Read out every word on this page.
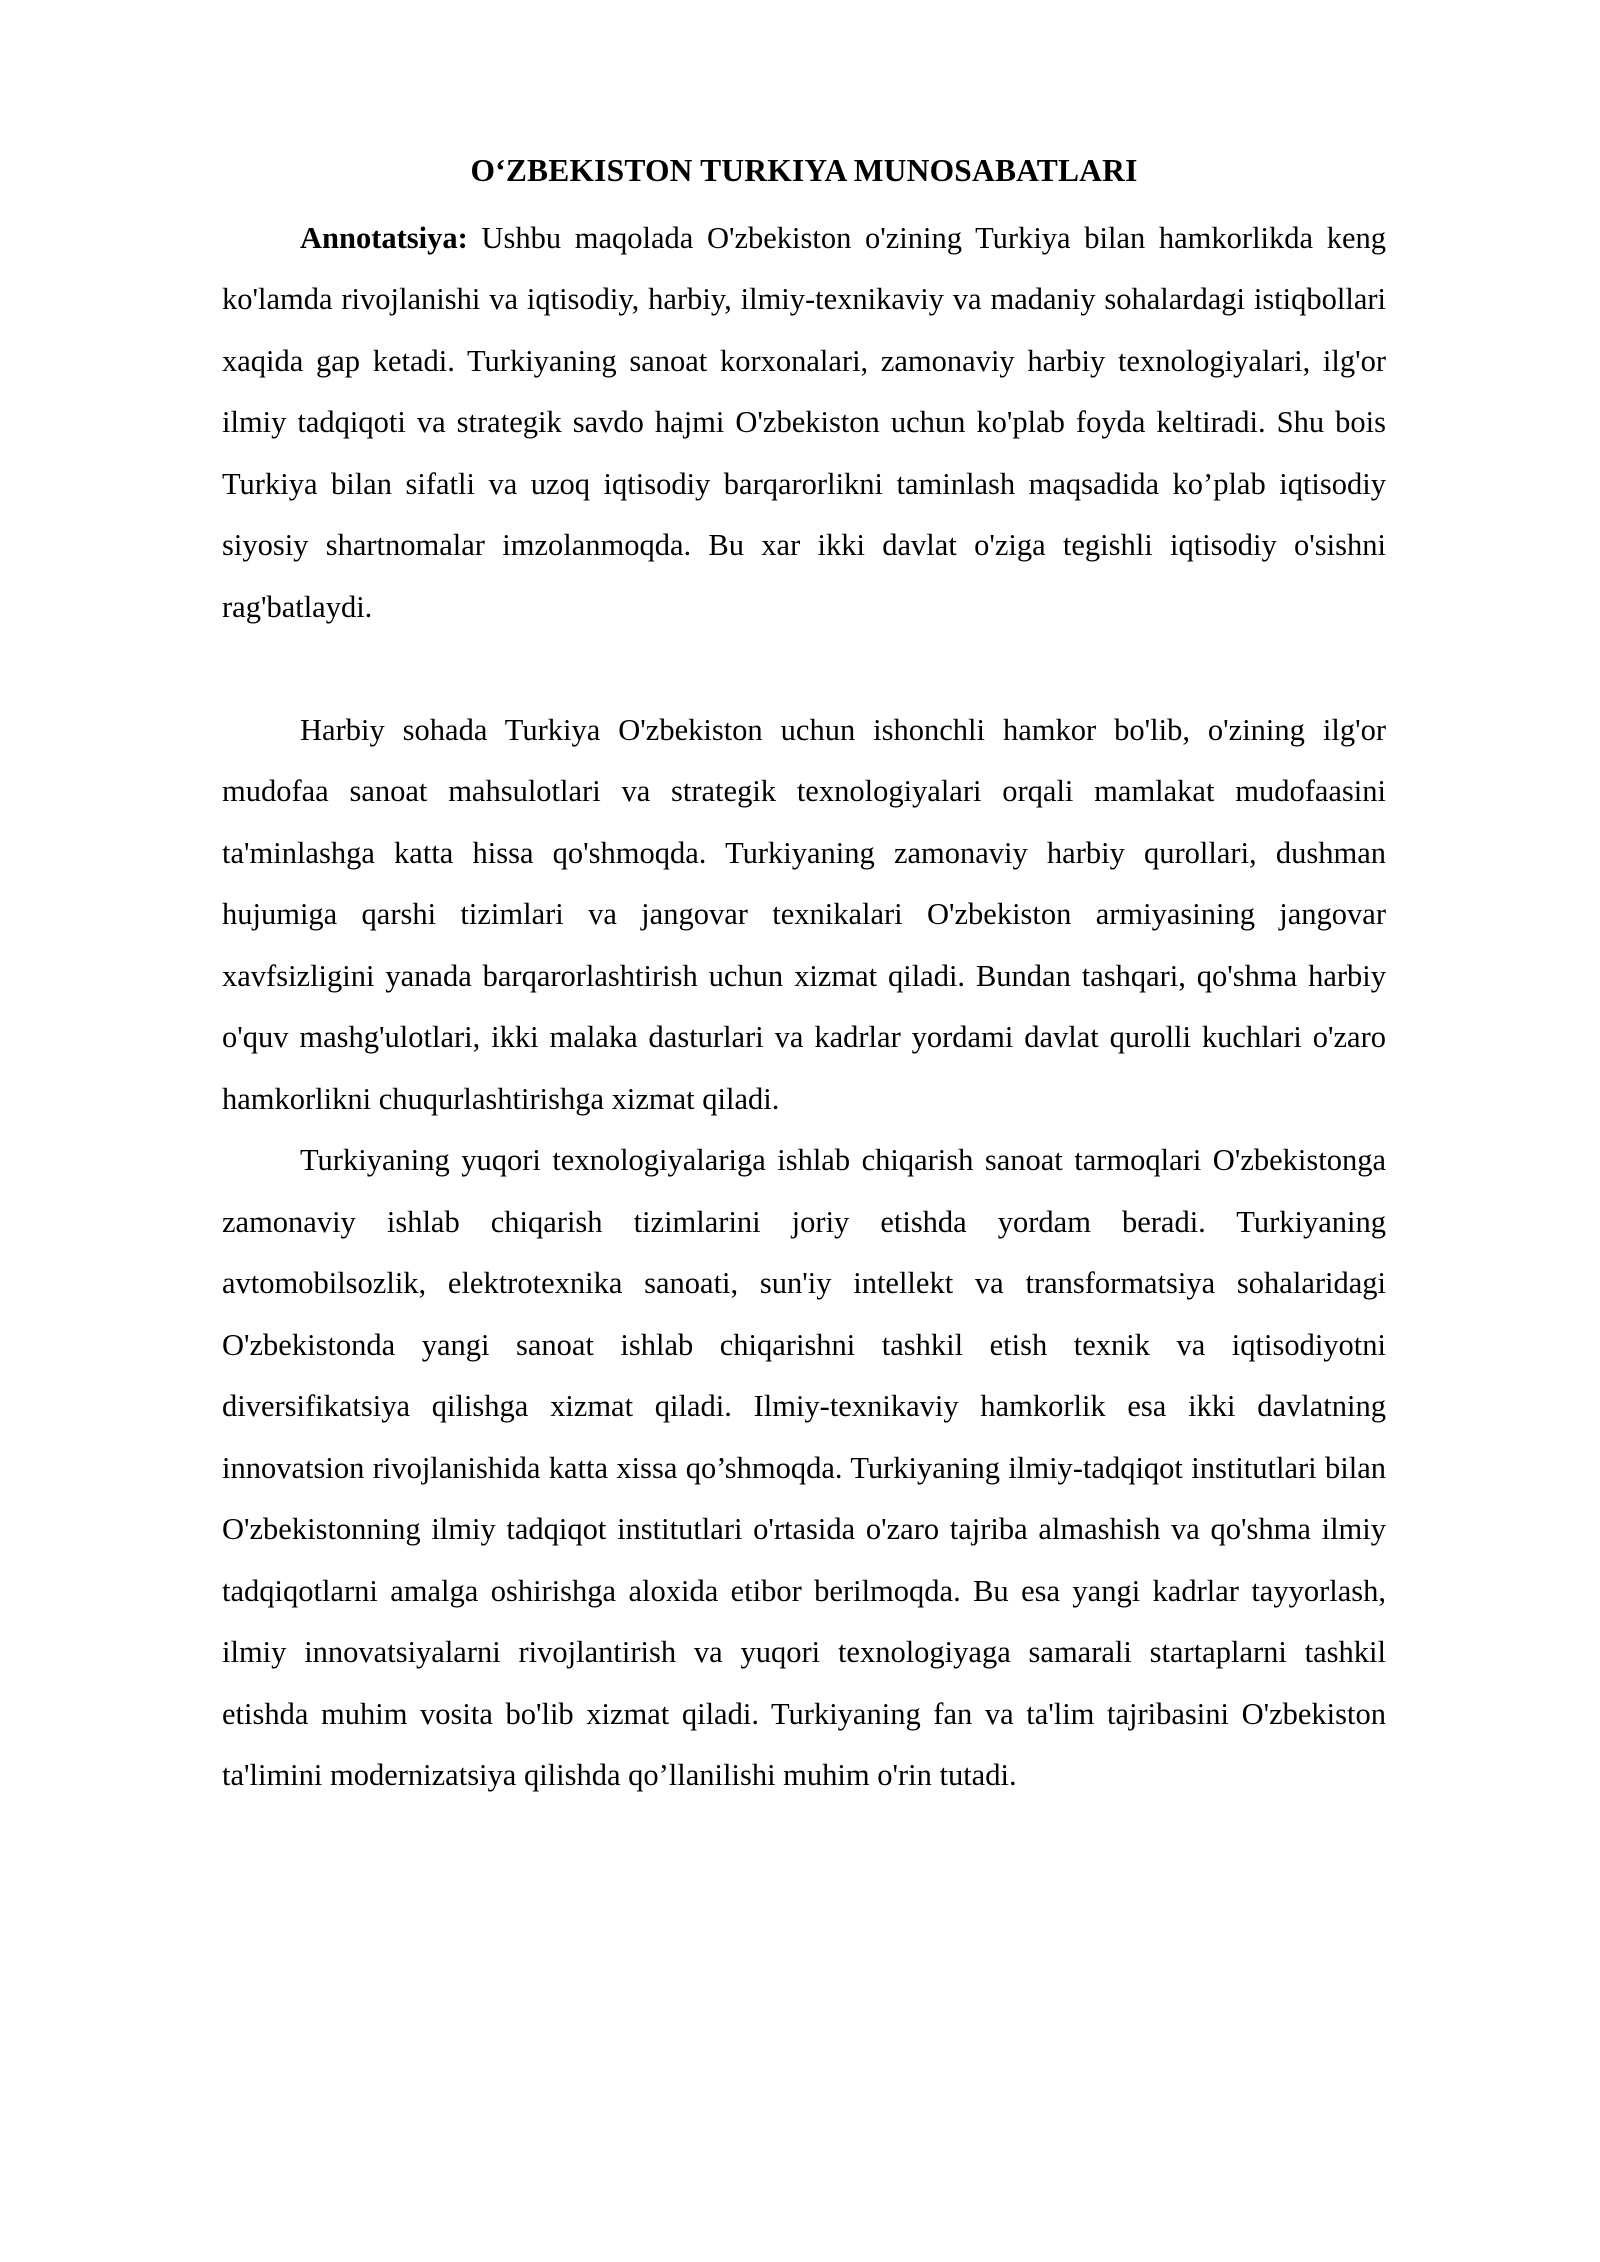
O‘ZBEKISTON TURKIYA MUNOSABATLARI

Annotatsiya: Ushbu maqolada O'zbekiston o'zining Turkiya bilan hamkorlikda keng ko'lamda rivojlanishi va iqtisodiy, harbiy, ilmiy-texnikaviy va madaniy sohalardagi istiqbollari xaqida gap ketadi. Turkiyaning sanoat korxonalari, zamonaviy harbiy texnologiyalari, ilg'or ilmiy tadqiqoti va strategik savdo hajmi O'zbekiston uchun ko'plab foyda keltiradi. Shu bois Turkiya bilan sifatli va uzoq iqtisodiy barqarorlikni taminlash maqsadida ko’plab iqtisodiy siyosiy shartnomalar imzolanmoqda. Bu xar ikki davlat o'ziga tegishli iqtisodiy o'sishni rag'batlaydi.

Harbiy sohada Turkiya O'zbekiston uchun ishonchli hamkor bo'lib, o'zining ilg'or mudofaa sanoat mahsulotlari va strategik texnologiyalari orqali mamlakat mudofaasini ta'minlashga katta hissa qo'shmoqda. Turkiyaning zamonaviy harbiy qurollari, dushman hujumiga qarshi tizimlari va jangovar texnikalari O'zbekiston armiyasining jangovar xavfsizligini yanada barqarorlashtirish uchun xizmat qiladi. Bundan tashqari, qo'shma harbiy o'quv mashg'ulotlari, ikki malaka dasturlari va kadrlar yordami davlat qurolli kuchlari o'zaro hamkorlikni chuqurlashtirishga xizmat qiladi.

Turkiyaning yuqori texnologiyalariga ishlab chiqarish sanoat tarmoqlari O'zbekistonga zamonaviy ishlab chiqarish tizimlarini joriy etishda yordam beradi. Turkiyaning avtomobilsozlik, elektrotexnika sanoati, sun'iy intellekt va transformatsiya sohalaridagi O'zbekistonda yangi sanoat ishlab chiqarishni tashkil etish texnik va iqtisodiyotni diversifikatsiya qilishga xizmat qiladi. Ilmiy-texnikaviy hamkorlik esa ikki davlatning innovatsion rivojlanishida katta xissa qo’shmoqda. Turkiyaning ilmiy-tadqiqot institutlari bilan O'zbekistonning ilmiy tadqiqot institutlari o'rtasida o'zaro tajriba almashish va qo'shma ilmiy tadqiqotlarni amalga oshirishga aloxida etibor berilmoqda. Bu esa yangi kadrlar tayyorlash, ilmiy innovatsiyalarni rivojlantirish va yuqori texnologiyaga samarali startaplarni tashkil etishda muhim vosita bo'lib xizmat qiladi. Turkiyaning fan va ta'lim tajribasini O'zbekiston ta'limini modernizatsiya qilishda qo’llanilishi muhim o'rin tutadi.
